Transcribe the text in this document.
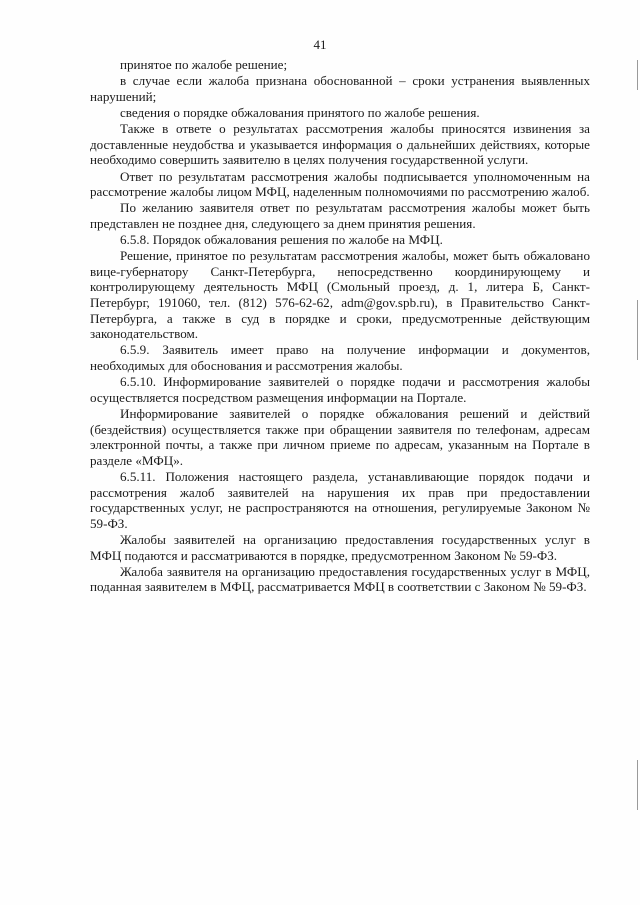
41

принятое по жалобе решение;

в случае если жалоба признана обоснованной – сроки устранения выявленных нарушений;

сведения о порядке обжалования принятого по жалобе решения.

Также в ответе о результатах рассмотрения жалобы приносятся извинения за доставленные неудобства и указывается информация о дальнейших действиях, которые необходимо совершить заявителю в целях получения государственной услуги.

Ответ по результатам рассмотрения жалобы подписывается уполномоченным на рассмотрение жалобы лицом МФЦ, наделенным полномочиями по рассмотрению жалоб.

По желанию заявителя ответ по результатам рассмотрения жалобы может быть представлен не позднее дня, следующего за днем принятия решения.

6.5.8. Порядок обжалования решения по жалобе на МФЦ.

Решение, принятое по результатам рассмотрения жалобы, может быть обжаловано вице-губернатору Санкт-Петербурга, непосредственно координирующему и контролирующему деятельность МФЦ (Смольный проезд, д. 1, литера Б, Санкт-Петербург, 191060, тел. (812) 576-62-62, adm@gov.spb.ru), в Правительство Санкт-Петербурга, а также в суд в порядке и сроки, предусмотренные действующим законодательством.

6.5.9. Заявитель имеет право на получение информации и документов, необходимых для обоснования и рассмотрения жалобы.

6.5.10. Информирование заявителей о порядке подачи и рассмотрения жалобы осуществляется посредством размещения информации на Портале.

Информирование заявителей о порядке обжалования решений и действий (бездействия) осуществляется также при обращении заявителя по телефонам, адресам электронной почты, а также при личном приеме по адресам, указанным на Портале в разделе «МФЦ».

6.5.11. Положения настоящего раздела, устанавливающие порядок подачи и рассмотрения жалоб заявителей на нарушения их прав при предоставлении государственных услуг, не распространяются на отношения, регулируемые Законом № 59-ФЗ.

Жалобы заявителей на организацию предоставления государственных услуг в МФЦ подаются и рассматриваются в порядке, предусмотренном Законом № 59-ФЗ.

Жалоба заявителя на организацию предоставления государственных услуг в МФЦ, поданная заявителем в МФЦ, рассматривается МФЦ в соответствии с Законом № 59-ФЗ.
